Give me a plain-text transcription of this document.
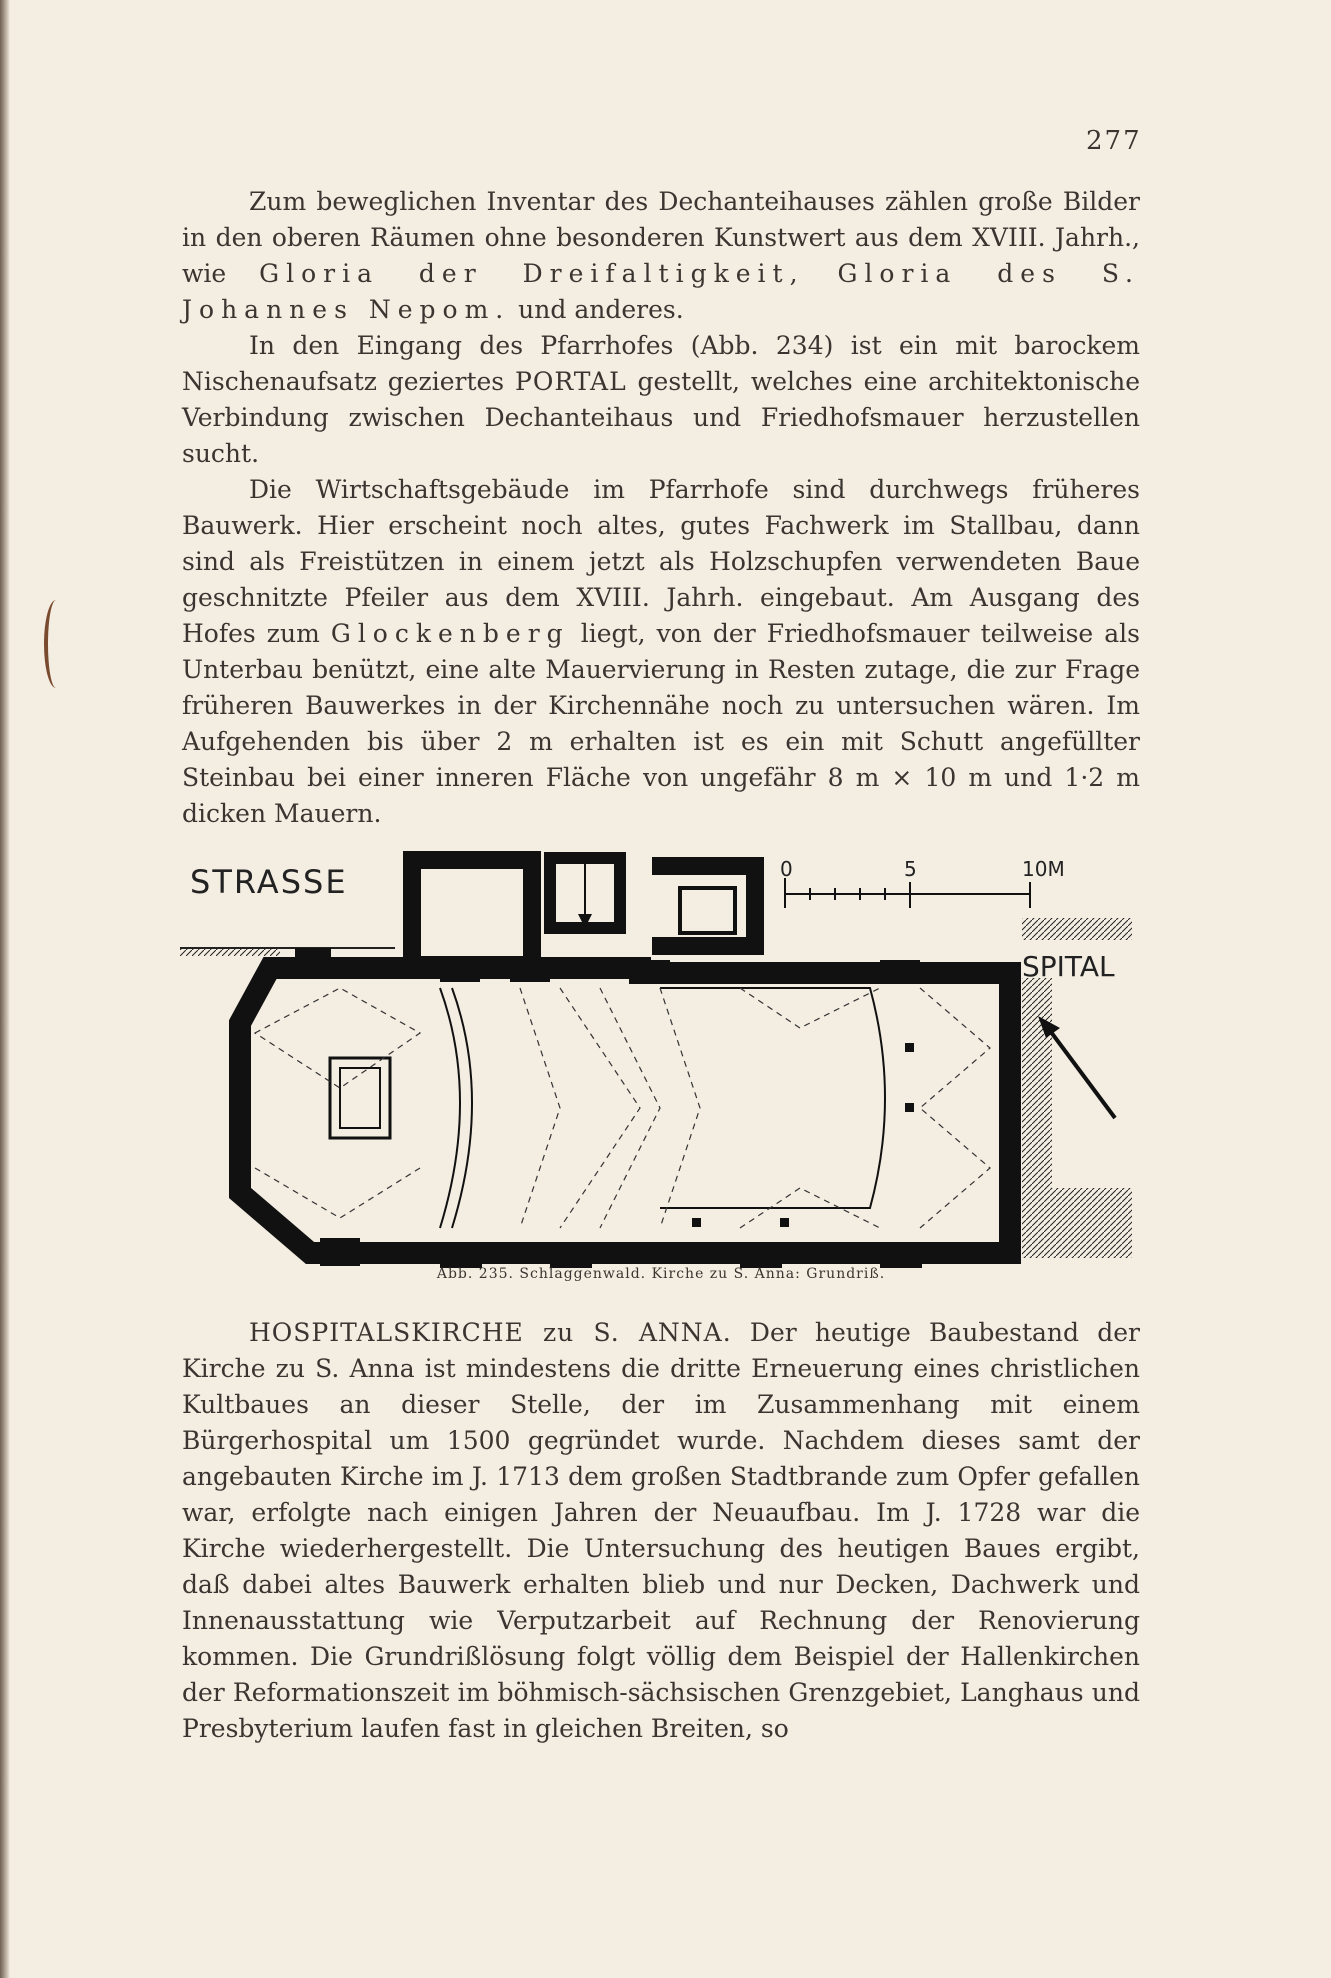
277

Zum beweglichen Inventar des Dechanteihauses zählen große Bilder in den oberen Räumen ohne besonderen Kunstwert aus dem XVIII. Jahrh., wie Gloria der Dreifaltigkeit, Gloria des S. Johannes Nepom. und anderes.

In den Eingang des Pfarrhofes (Abb. 234) ist ein mit barockem Nischenaufsatz geziertes PORTAL gestellt, welches eine architektonische Verbindung zwischen Dechanteihaus und Friedhofsmauer herzustellen sucht.

Die Wirtschaftsgebäude im Pfarrhofe sind durchwegs früheres Bauwerk. Hier erscheint noch altes, gutes Fachwerk im Stallbau, dann sind als Freistützen in einem jetzt als Holzschupfen verwendeten Baue geschnitzte Pfeiler aus dem XVIII. Jahrh. eingebaut. Am Ausgang des Hofes zum Glockenberg liegt, von der Friedhofsmauer teilweise als Unterbau benützt, eine alte Mauervierung in Resten zutage, die zur Frage früheren Bauwerkes in der Kirchennähe noch zu untersuchen wären. Im Aufgehenden bis über 2 m erhalten ist es ein mit Schutt angefüllter Steinbau bei einer inneren Fläche von ungefähr 8 m × 10 m und 1·2 m dicken Mauern.

STRASSE
SPITAL
0	5	10M
Abb. 235. Schlaggenwald. Kirche zu S. Anna: Grundriß.

HOSPITALSKIRCHE zu S. ANNA. Der heutige Baubestand der Kirche zu S. Anna ist mindestens die dritte Erneuerung eines christlichen Kultbaues an dieser Stelle, der im Zusammenhang mit einem Bürgerhospital um 1500 gegründet wurde. Nachdem dieses samt der angebauten Kirche im J. 1713 dem großen Stadtbrande zum Opfer gefallen war, erfolgte nach einigen Jahren der Neuaufbau. Im J. 1728 war die Kirche wiederhergestellt. Die Untersuchung des heutigen Baues ergibt, daß dabei altes Bauwerk erhalten blieb und nur Decken, Dachwerk und Innenausstattung wie Verputzarbeit auf Rechnung der Renovierung kommen. Die Grundrißlösung folgt völlig dem Beispiel der Hallenkirchen der Reformationszeit im böhmisch-sächsischen Grenzgebiet, Langhaus und Presbyterium laufen fast in gleichen Breiten, so
